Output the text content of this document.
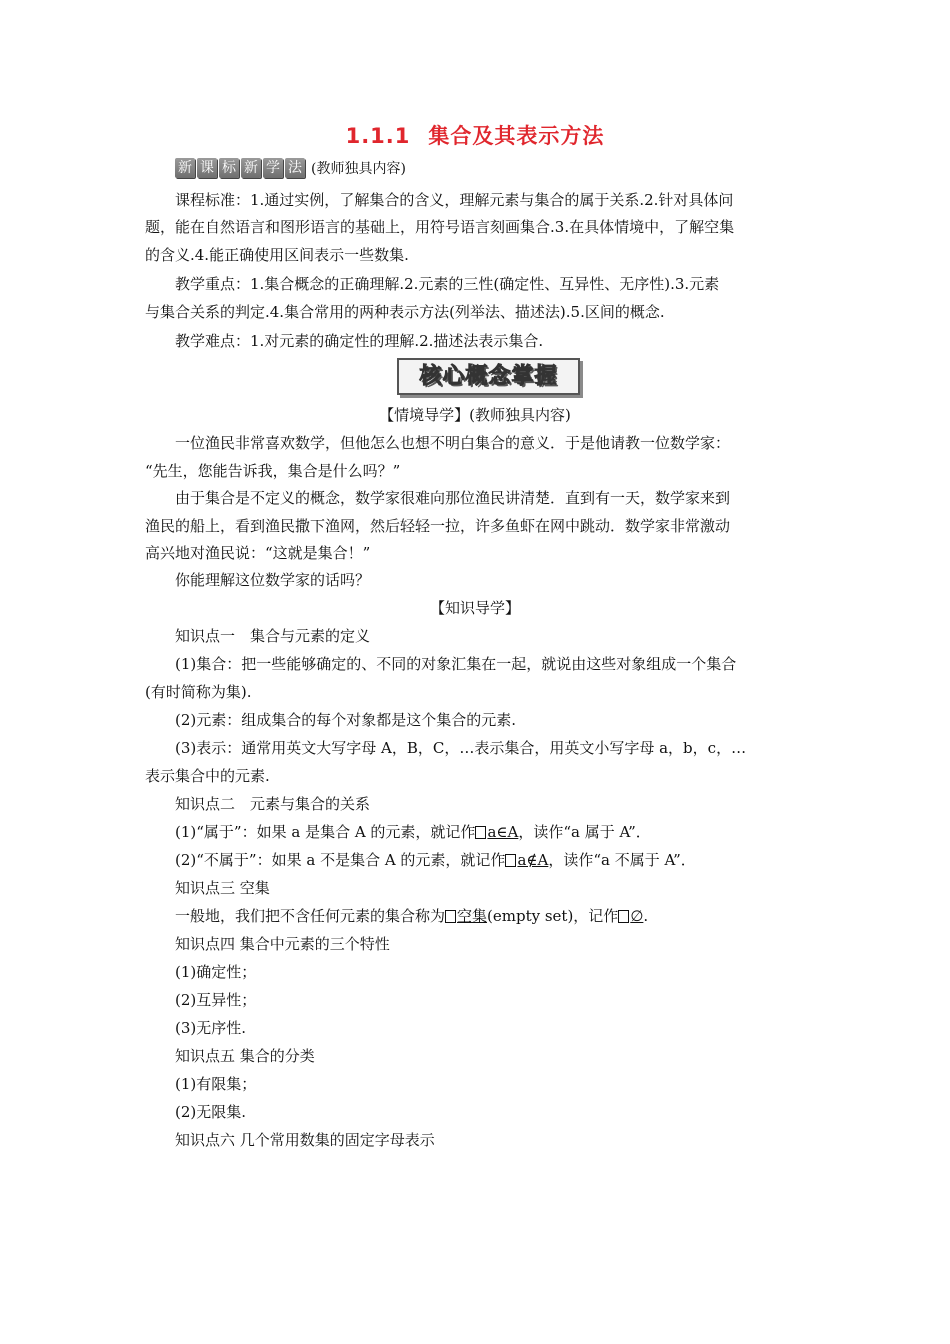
1.1.1 集合及其表示方法
新 课 标 新 学 法 (教师独具内容)
课程标准：1.通过实例，了解集合的含义，理解元素与集合的属于关系.2.针对具体问
题，能在自然语言和图形语言的基础上，用符号语言刻画集合.3.在具体情境中，了解空集
的含义.4.能正确使用区间表示一些数集.
教学重点：1.集合概念的正确理解.2.元素的三性(确定性、互异性、无序性).3.元素
与集合关系的判定.4.集合常用的两种表示方法(列举法、描述法).5.区间的概念.
教学难点：1.对元素的确定性的理解.2.描述法表示集合.
核心概念掌握
【情境导学】(教师独具内容)
一位渔民非常喜欢数学，但他怎么也想不明白集合的意义．于是他请教一位数学家：
“先生，您能告诉我，集合是什么吗？”
由于集合是不定义的概念，数学家很难向那位渔民讲清楚．直到有一天，数学家来到
渔民的船上，看到渔民撒下渔网，然后轻轻一拉，许多鱼虾在网中跳动．数学家非常激动
高兴地对渔民说：“这就是集合！”
你能理解这位数学家的话吗？
【知识导学】
知识点一　集合与元素的定义
(1)集合：把一些能够确定的、不同的对象汇集在一起，就说由这些对象组成一个集合
(有时简称为集).
(2)元素：组成集合的每个对象都是这个集合的元素.
(3)表示：通常用英文大写字母 A，B，C，…表示集合，用英文小写字母 a，b，c，…
表示集合中的元素.
知识点二　元素与集合的关系
(1)“属于”：如果 a 是集合 A 的元素，就记作 a∈A，读作“a 属于 A”．
(2)“不属于”：如果 a 不是集合 A 的元素，就记作 a∉A，读作“a 不属于 A”．
知识点三 空集
一般地，我们把不含任何元素的集合称为 空集(empty set)，记作 ∅.
知识点四 集合中元素的三个特性
(1)确定性；
(2)互异性；
(3)无序性.
知识点五 集合的分类
(1)有限集；
(2)无限集.
知识点六 几个常用数集的固定字母表示
